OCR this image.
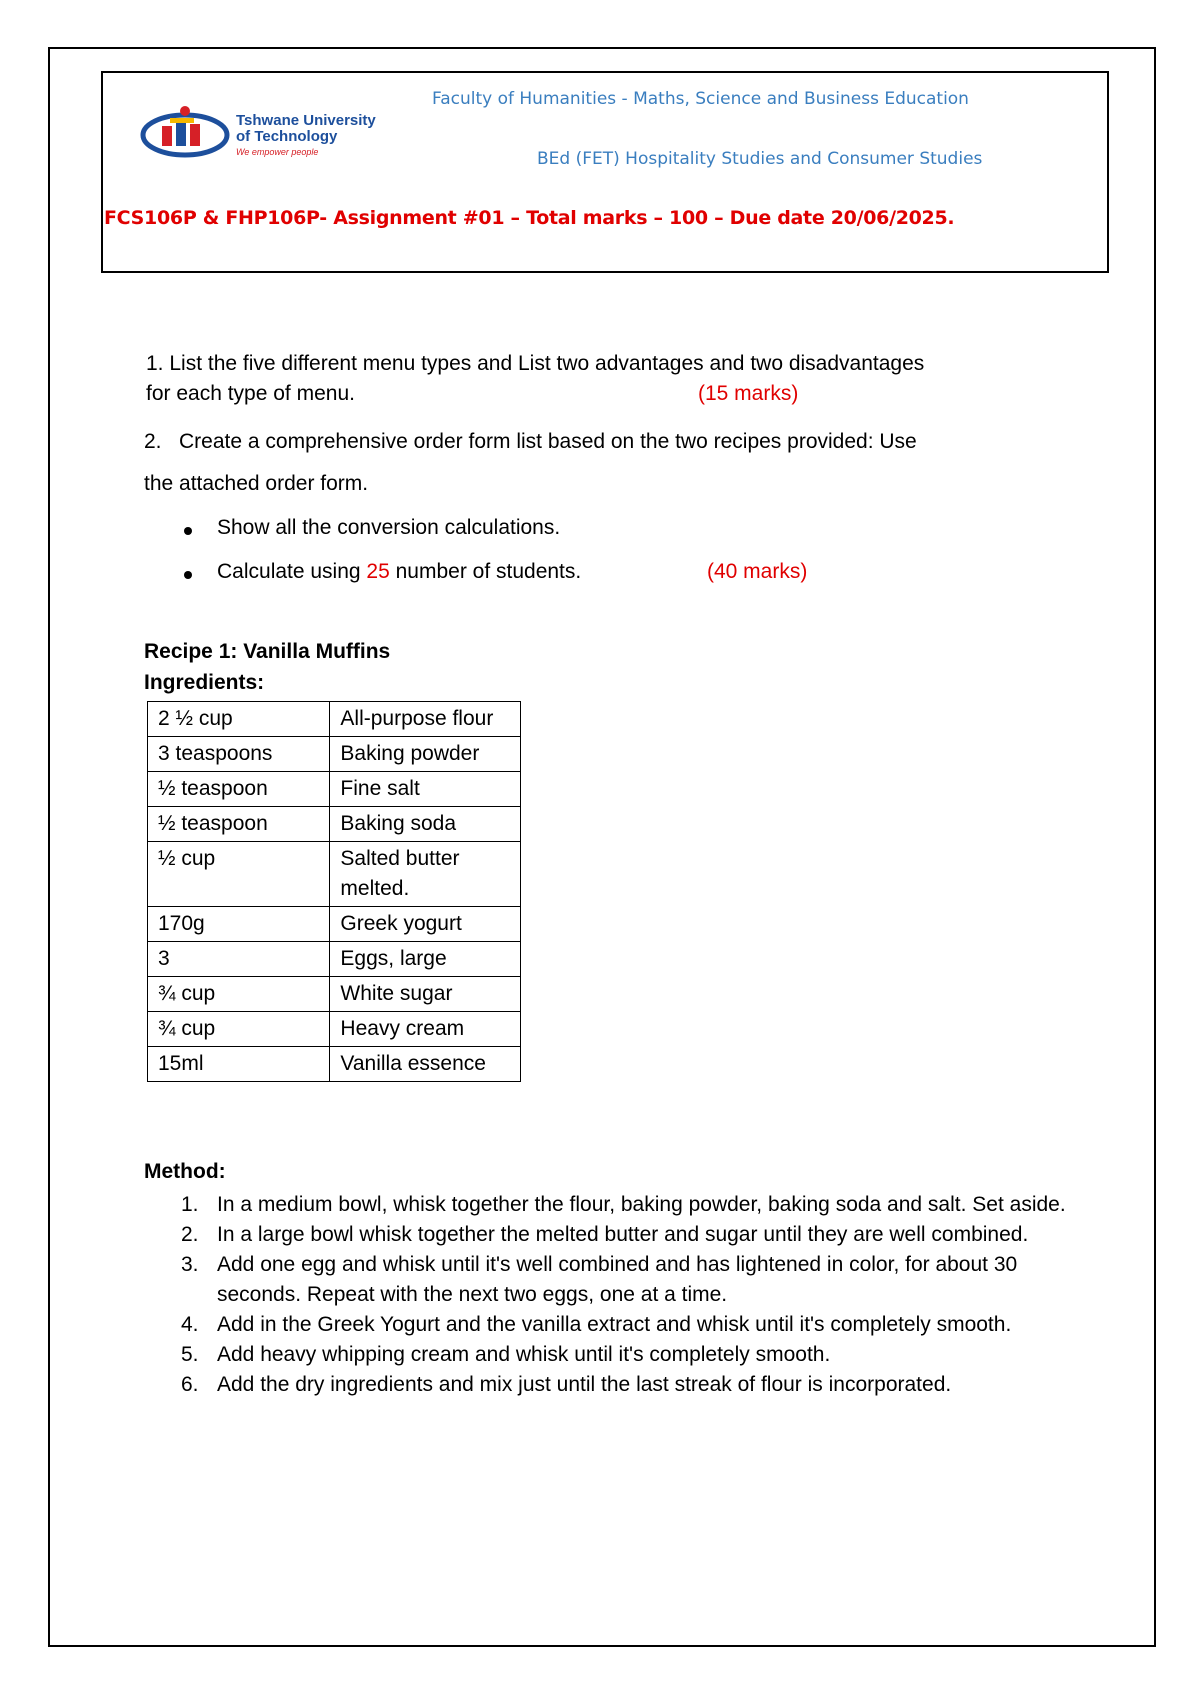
Tshwane University
of Technology
We empower people
Faculty of Humanities - Maths, Science and Business Education
BEd (FET) Hospitality Studies and Consumer Studies
FCS106P & FHP106P- Assignment #01 – Total marks – 100 – Due date 20/06/2025.
1. List the five different menu types and List two advantages and two disadvantages
for each type of menu.	(15 marks)
2.   Create a comprehensive order form list based on the two recipes provided: Use
the attached order form.
Show all the conversion calculations.
Calculate using 25 number of students.	(40 marks)
Recipe 1: Vanilla Muffins
Ingredients:
2 ½ cup	All-purpose flour
3 teaspoons	Baking powder
½ teaspoon	Fine salt
½ teaspoon	Baking soda
½ cup	Salted butter melted.
170g	Greek yogurt
3	Eggs, large
¾ cup	White sugar
¾ cup	Heavy cream
15ml	Vanilla essence
Method:
1. In a medium bowl, whisk together the flour, baking powder, baking soda and salt. Set aside.
2. In a large bowl whisk together the melted butter and sugar until they are well combined.
3. Add one egg and whisk until it's well combined and has lightened in color, for about 30 seconds. Repeat with the next two eggs, one at a time.
4. Add in the Greek Yogurt and the vanilla extract and whisk until it's completely smooth.
5. Add heavy whipping cream and whisk until it's completely smooth.
6. Add the dry ingredients and mix just until the last streak of flour is incorporated.
